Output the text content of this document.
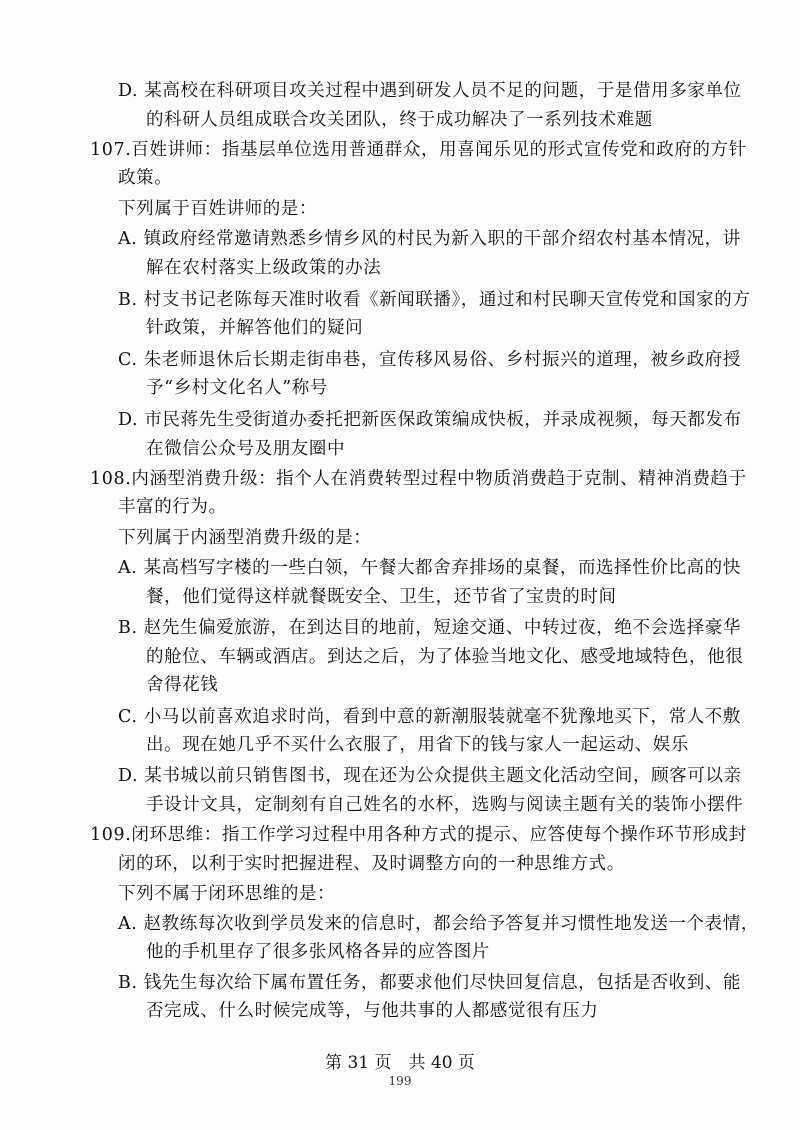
D. 某高校在科研项目攻关过程中遇到研发人员不足的问题，于是借用多家单位
的科研人员组成联合攻关团队，终于成功解决了一系列技术难题
107.百姓讲师：指基层单位选用普通群众，用喜闻乐见的形式宣传党和政府的方针
政策。
下列属于百姓讲师的是：
A. 镇政府经常邀请熟悉乡情乡风的村民为新入职的干部介绍农村基本情况，讲
解在农村落实上级政策的办法
B. 村支书记老陈每天准时收看《新闻联播》，通过和村民聊天宣传党和国家的方
针政策，并解答他们的疑问
C. 朱老师退休后长期走街串巷，宣传移风易俗、乡村振兴的道理，被乡政府授
予“乡村文化名人”称号
D. 市民蒋先生受街道办委托把新医保政策编成快板，并录成视频，每天都发布
在微信公众号及朋友圈中
108.内涵型消费升级：指个人在消费转型过程中物质消费趋于克制、精神消费趋于
丰富的行为。
下列属于内涵型消费升级的是：
A. 某高档写字楼的一些白领，午餐大都舍弃排场的桌餐，而选择性价比高的快
餐，他们觉得这样就餐既安全、卫生，还节省了宝贵的时间
B. 赵先生偏爱旅游，在到达目的地前，短途交通、中转过夜，绝不会选择豪华
的舱位、车辆或酒店。到达之后，为了体验当地文化、感受地域特色，他很
舍得花钱
C. 小马以前喜欢追求时尚，看到中意的新潮服装就毫不犹豫地买下，常人不敷
出。现在她几乎不买什么衣服了，用省下的钱与家人一起运动、娱乐
D. 某书城以前只销售图书，现在还为公众提供主题文化活动空间，顾客可以亲
手设计文具，定制刻有自己姓名的水杯，选购与阅读主题有关的装饰小摆件
109.闭环思维：指工作学习过程中用各种方式的提示、应答使每个操作环节形成封
闭的环，以利于实时把握进程、及时调整方向的一种思维方式。
下列不属于闭环思维的是：
A. 赵教练每次收到学员发来的信息时，都会给予答复并习惯性地发送一个表情，
他的手机里存了很多张风格各异的应答图片
B. 钱先生每次给下属布置任务，都要求他们尽快回复信息，包括是否收到、能
否完成、什么时候完成等，与他共事的人都感觉很有压力
第 31 页　共 40 页
199
